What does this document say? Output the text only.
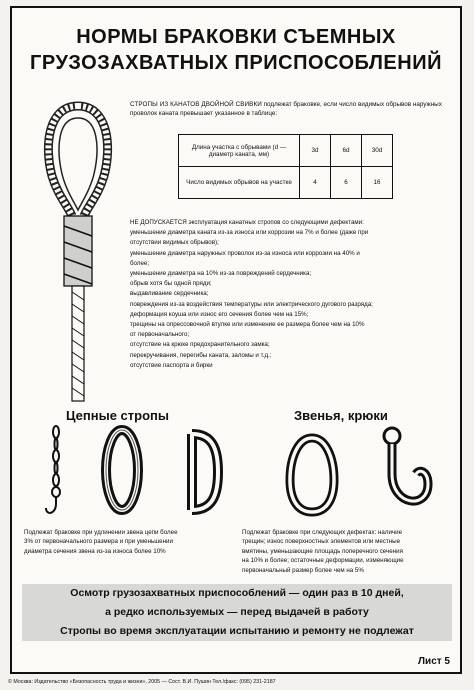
НОРМЫ БРАКОВКИ СЪЕМНЫХ
ГРУЗОЗАХВАТНЫХ ПРИСПОСОБЛЕНИЙ
СТРОПЫ ИЗ КАНАТОВ ДВОЙНОЙ СВИВКИ подлежат браковке, если число видимых обрывов наружных проволок каната превышает указанное в таблице:
Длина участка с обрывами (d — диаметр каната, мм)	3d	6d	30d
Число видимых обрывов на участке	4	6	16
НЕ ДОПУСКАЕТСЯ эксплуатация канатных стропов со следующими дефектами:
уменьшение диаметра каната из-за износа или коррозии на 7% и более (даже при
отсутствии видимых обрывов);
уменьшение диаметра наружных проволок из-за износа или коррозии на 40% и
более;
уменьшение диаметра на 10% из-за повреждений сердечника;
обрыв хотя бы одной пряди;
выдавливание сердечника;
повреждения из-за воздействия температуры или электрического дугового разряда;
деформация коуша или износ его сечения более чем на 15%;
трещины на опрессовочной втулке или изменение ее размера более чем на 10%
от первоначального;
отсутствие на крюке предохранительного замка;
перекручивания, перегибы каната, заломы и т.д.;
отсутствие паспорта и бирки
Цепные стропы	Звенья, крюки
Подлежат браковке при удлинении звена цепи более
3% от первоначального размера и при уменьшении
диаметра сечения звена из-за износа более 10%
Подлежат браковке при следующих дефектах: наличие
трещин; износ поверхностных элементов или местные
вмятины, уменьшающие площадь поперечного сечения
на 10% и более; остаточные деформации, изменяющие
первоначальный размер более чем на 5%
Осмотр грузозахватных приспособлений — один раз в 10 дней,
а редко используемых — перед выдачей в работу
Стропы во время эксплуатации испытанию и ремонту не подлежат
Лист 5
© Москва: Издательство «Безопасность труда и жизни», 2005 — Сост. В.И. Пушин Тел./факс: (095) 231-2187
